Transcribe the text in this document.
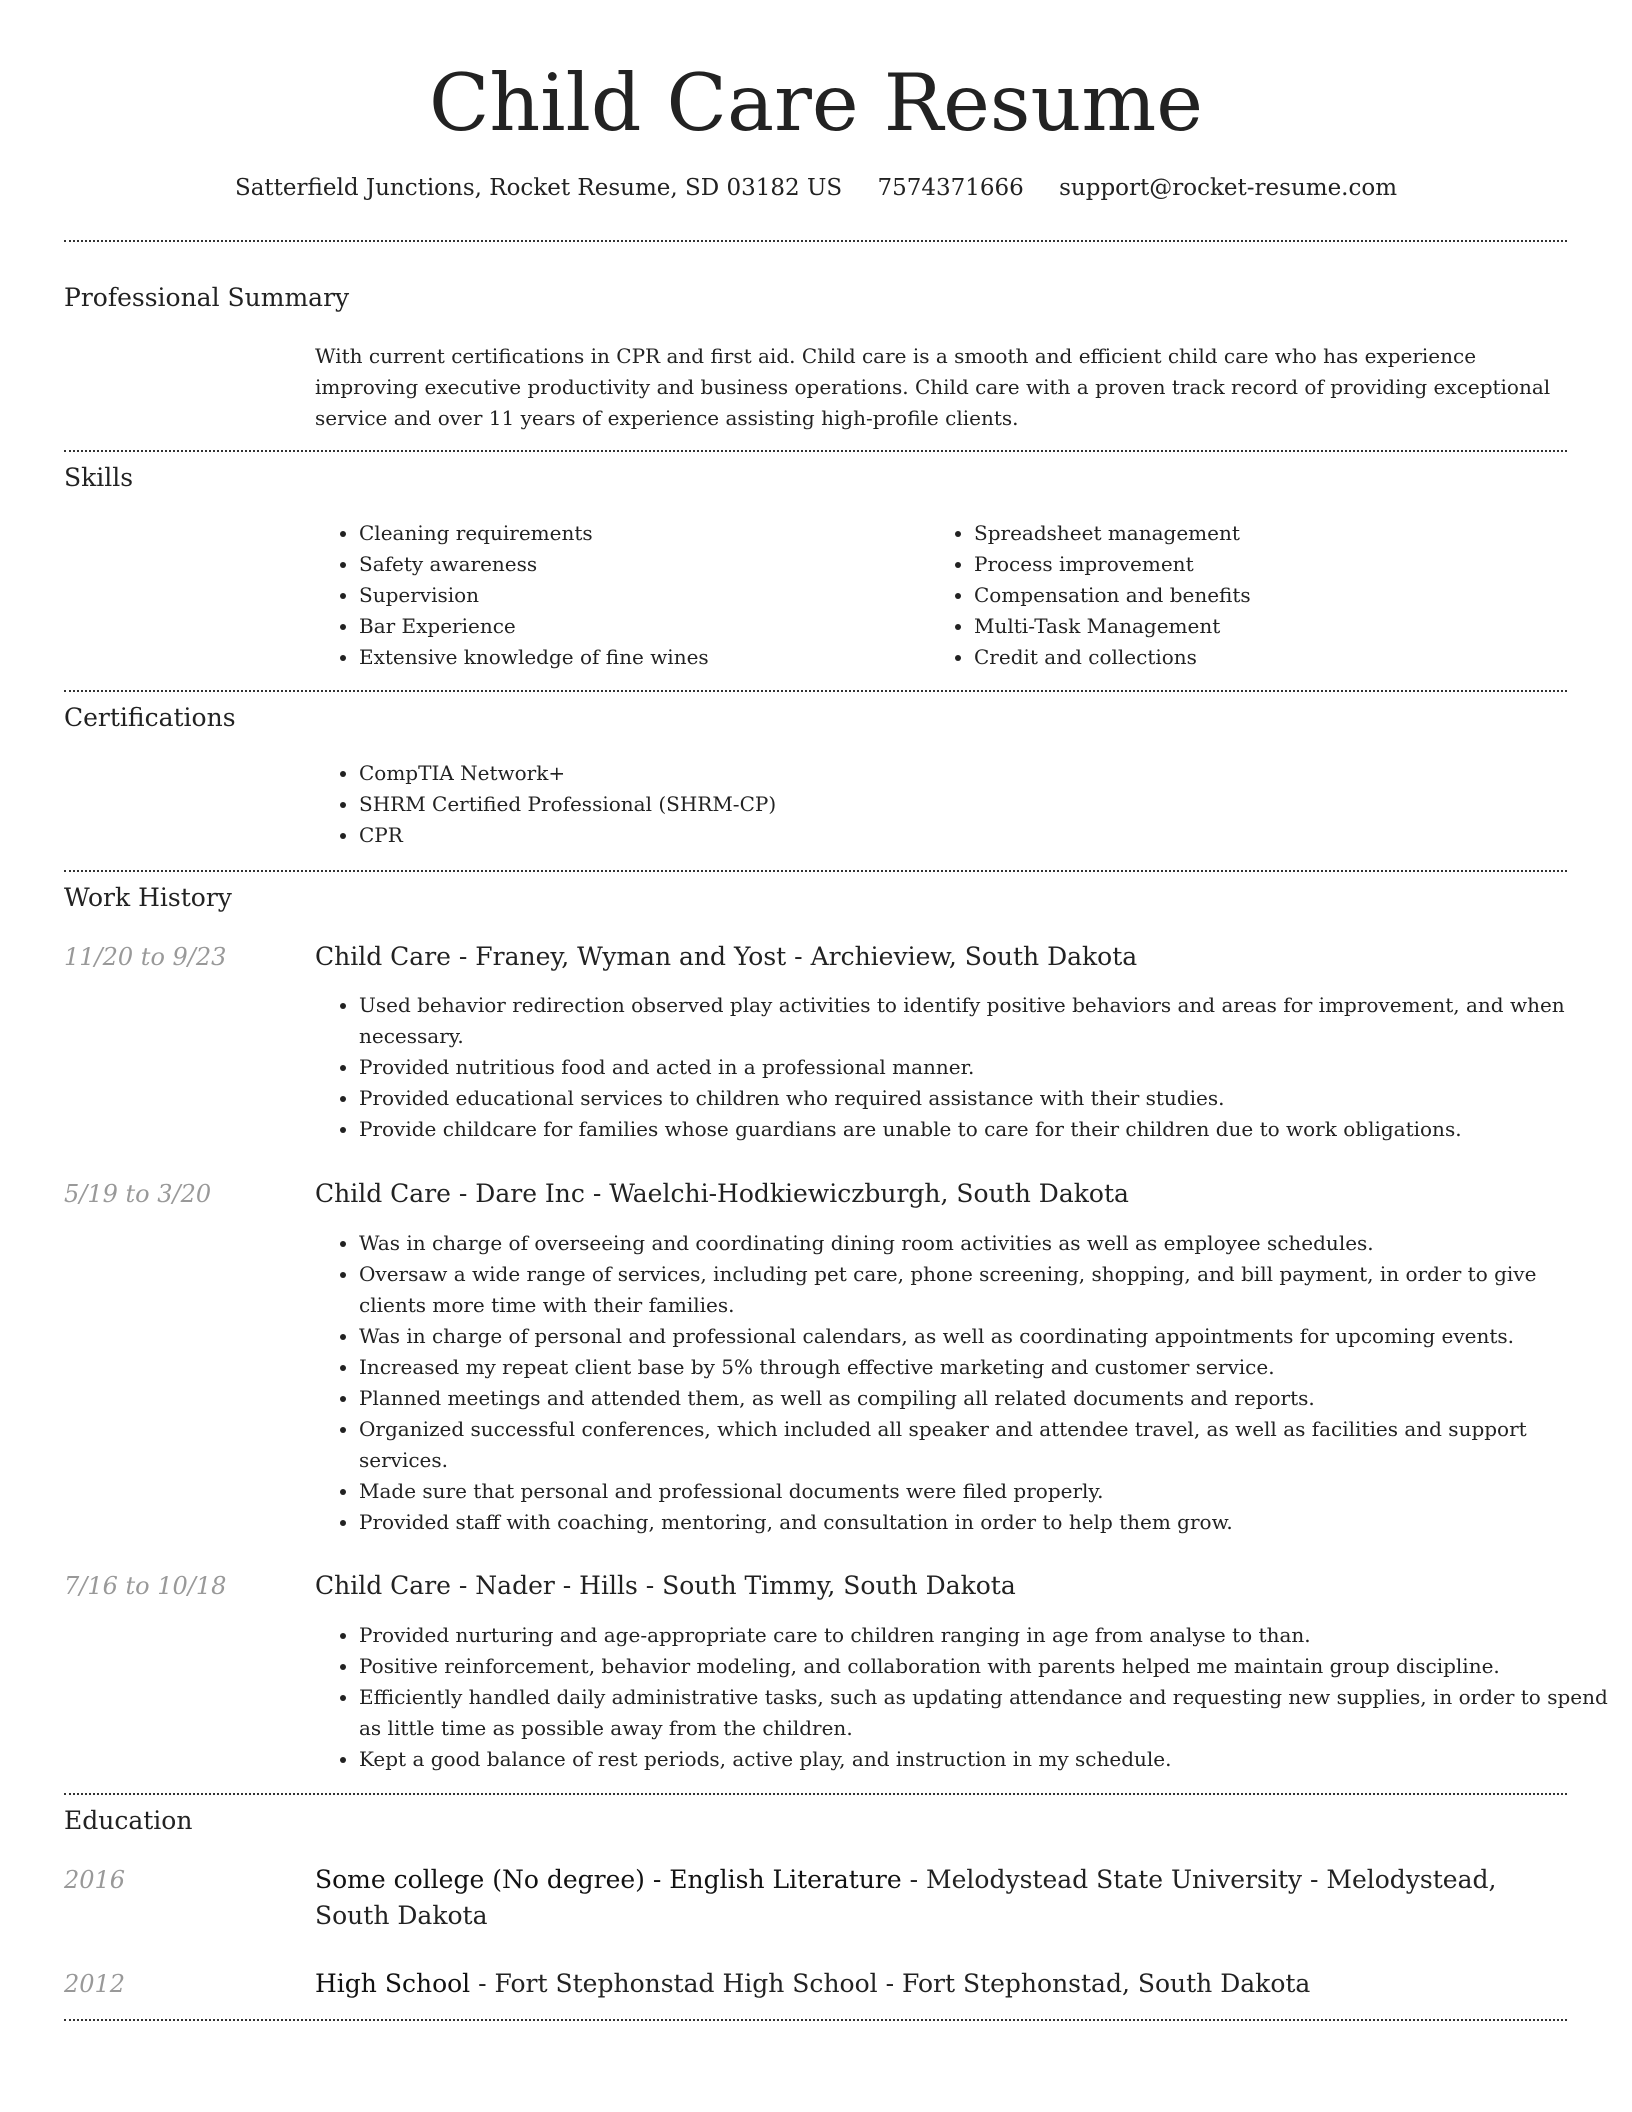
Child Care Resume
Satterfield Junctions, Rocket Resume, SD 03182 US 7574371666 support@rocket-resume.com
Professional Summary
With current certifications in CPR and first aid. Child care is a smooth and efficient child care who has experience improving executive productivity and business operations. Child care with a proven track record of providing exceptional service and over 11 years of experience assisting high-profile clients.
Skills
• Cleaning requirements
• Safety awareness
• Supervision
• Bar Experience
• Extensive knowledge of fine wines
• Spreadsheet management
• Process improvement
• Compensation and benefits
• Multi-Task Management
• Credit and collections
Certifications
• CompTIA Network+
• SHRM Certified Professional (SHRM-CP)
• CPR
Work History
11/20 to 9/23	Child Care - Franey, Wyman and Yost - Archieview, South Dakota
• Used behavior redirection observed play activities to identify positive behaviors and areas for improvement, and when necessary.
• Provided nutritious food and acted in a professional manner.
• Provided educational services to children who required assistance with their studies.
• Provide childcare for families whose guardians are unable to care for their children due to work obligations.
5/19 to 3/20	Child Care - Dare Inc - Waelchi-Hodkiewiczburgh, South Dakota
• Was in charge of overseeing and coordinating dining room activities as well as employee schedules.
• Oversaw a wide range of services, including pet care, phone screening, shopping, and bill payment, in order to give clients more time with their families.
• Was in charge of personal and professional calendars, as well as coordinating appointments for upcoming events.
• Increased my repeat client base by 5% through effective marketing and customer service.
• Planned meetings and attended them, as well as compiling all related documents and reports.
• Organized successful conferences, which included all speaker and attendee travel, as well as facilities and support services.
• Made sure that personal and professional documents were filed properly.
• Provided staff with coaching, mentoring, and consultation in order to help them grow.
7/16 to 10/18	Child Care - Nader - Hills - South Timmy, South Dakota
• Provided nurturing and age-appropriate care to children ranging in age from analyse to than.
• Positive reinforcement, behavior modeling, and collaboration with parents helped me maintain group discipline.
• Efficiently handled daily administrative tasks, such as updating attendance and requesting new supplies, in order to spend as little time as possible away from the children.
• Kept a good balance of rest periods, active play, and instruction in my schedule.
Education
2016	Some college (No degree) - English Literature - Melodystead State University - Melodystead, South Dakota
2012	High School - Fort Stephonstad High School - Fort Stephonstad, South Dakota
